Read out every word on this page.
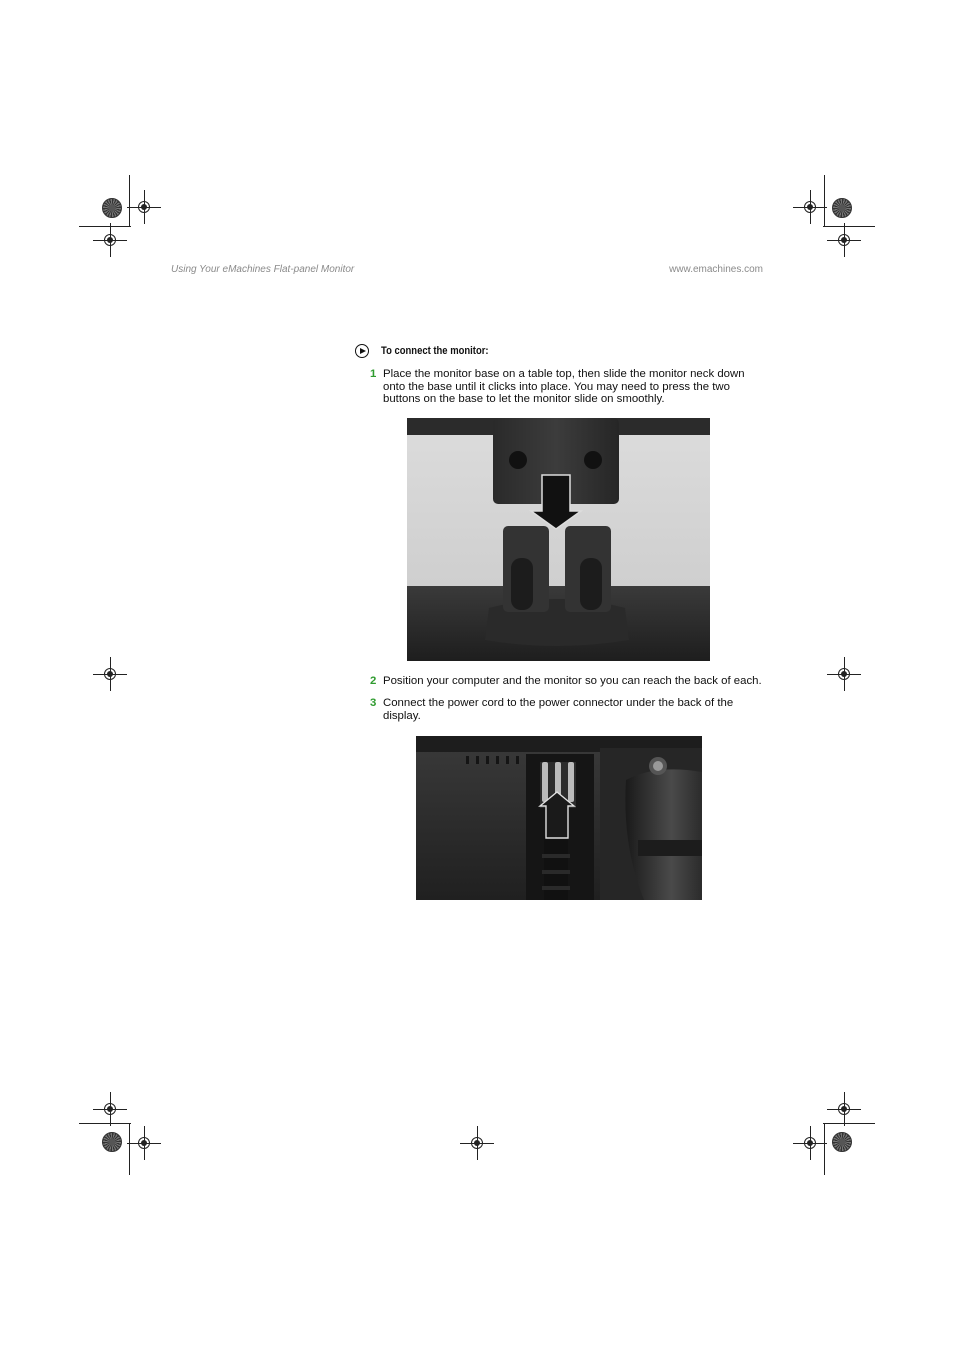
Using Your eMachines Flat-panel Monitor	www.emachines.com
To connect the monitor:
1 Place the monitor base on a table top, then slide the monitor neck down onto the base until it clicks into place. You may need to press the two buttons on the base to let the monitor slide on smoothly.
2 Position your computer and the monitor so you can reach the back of each.
3 Connect the power cord to the power connector under the back of the display.
